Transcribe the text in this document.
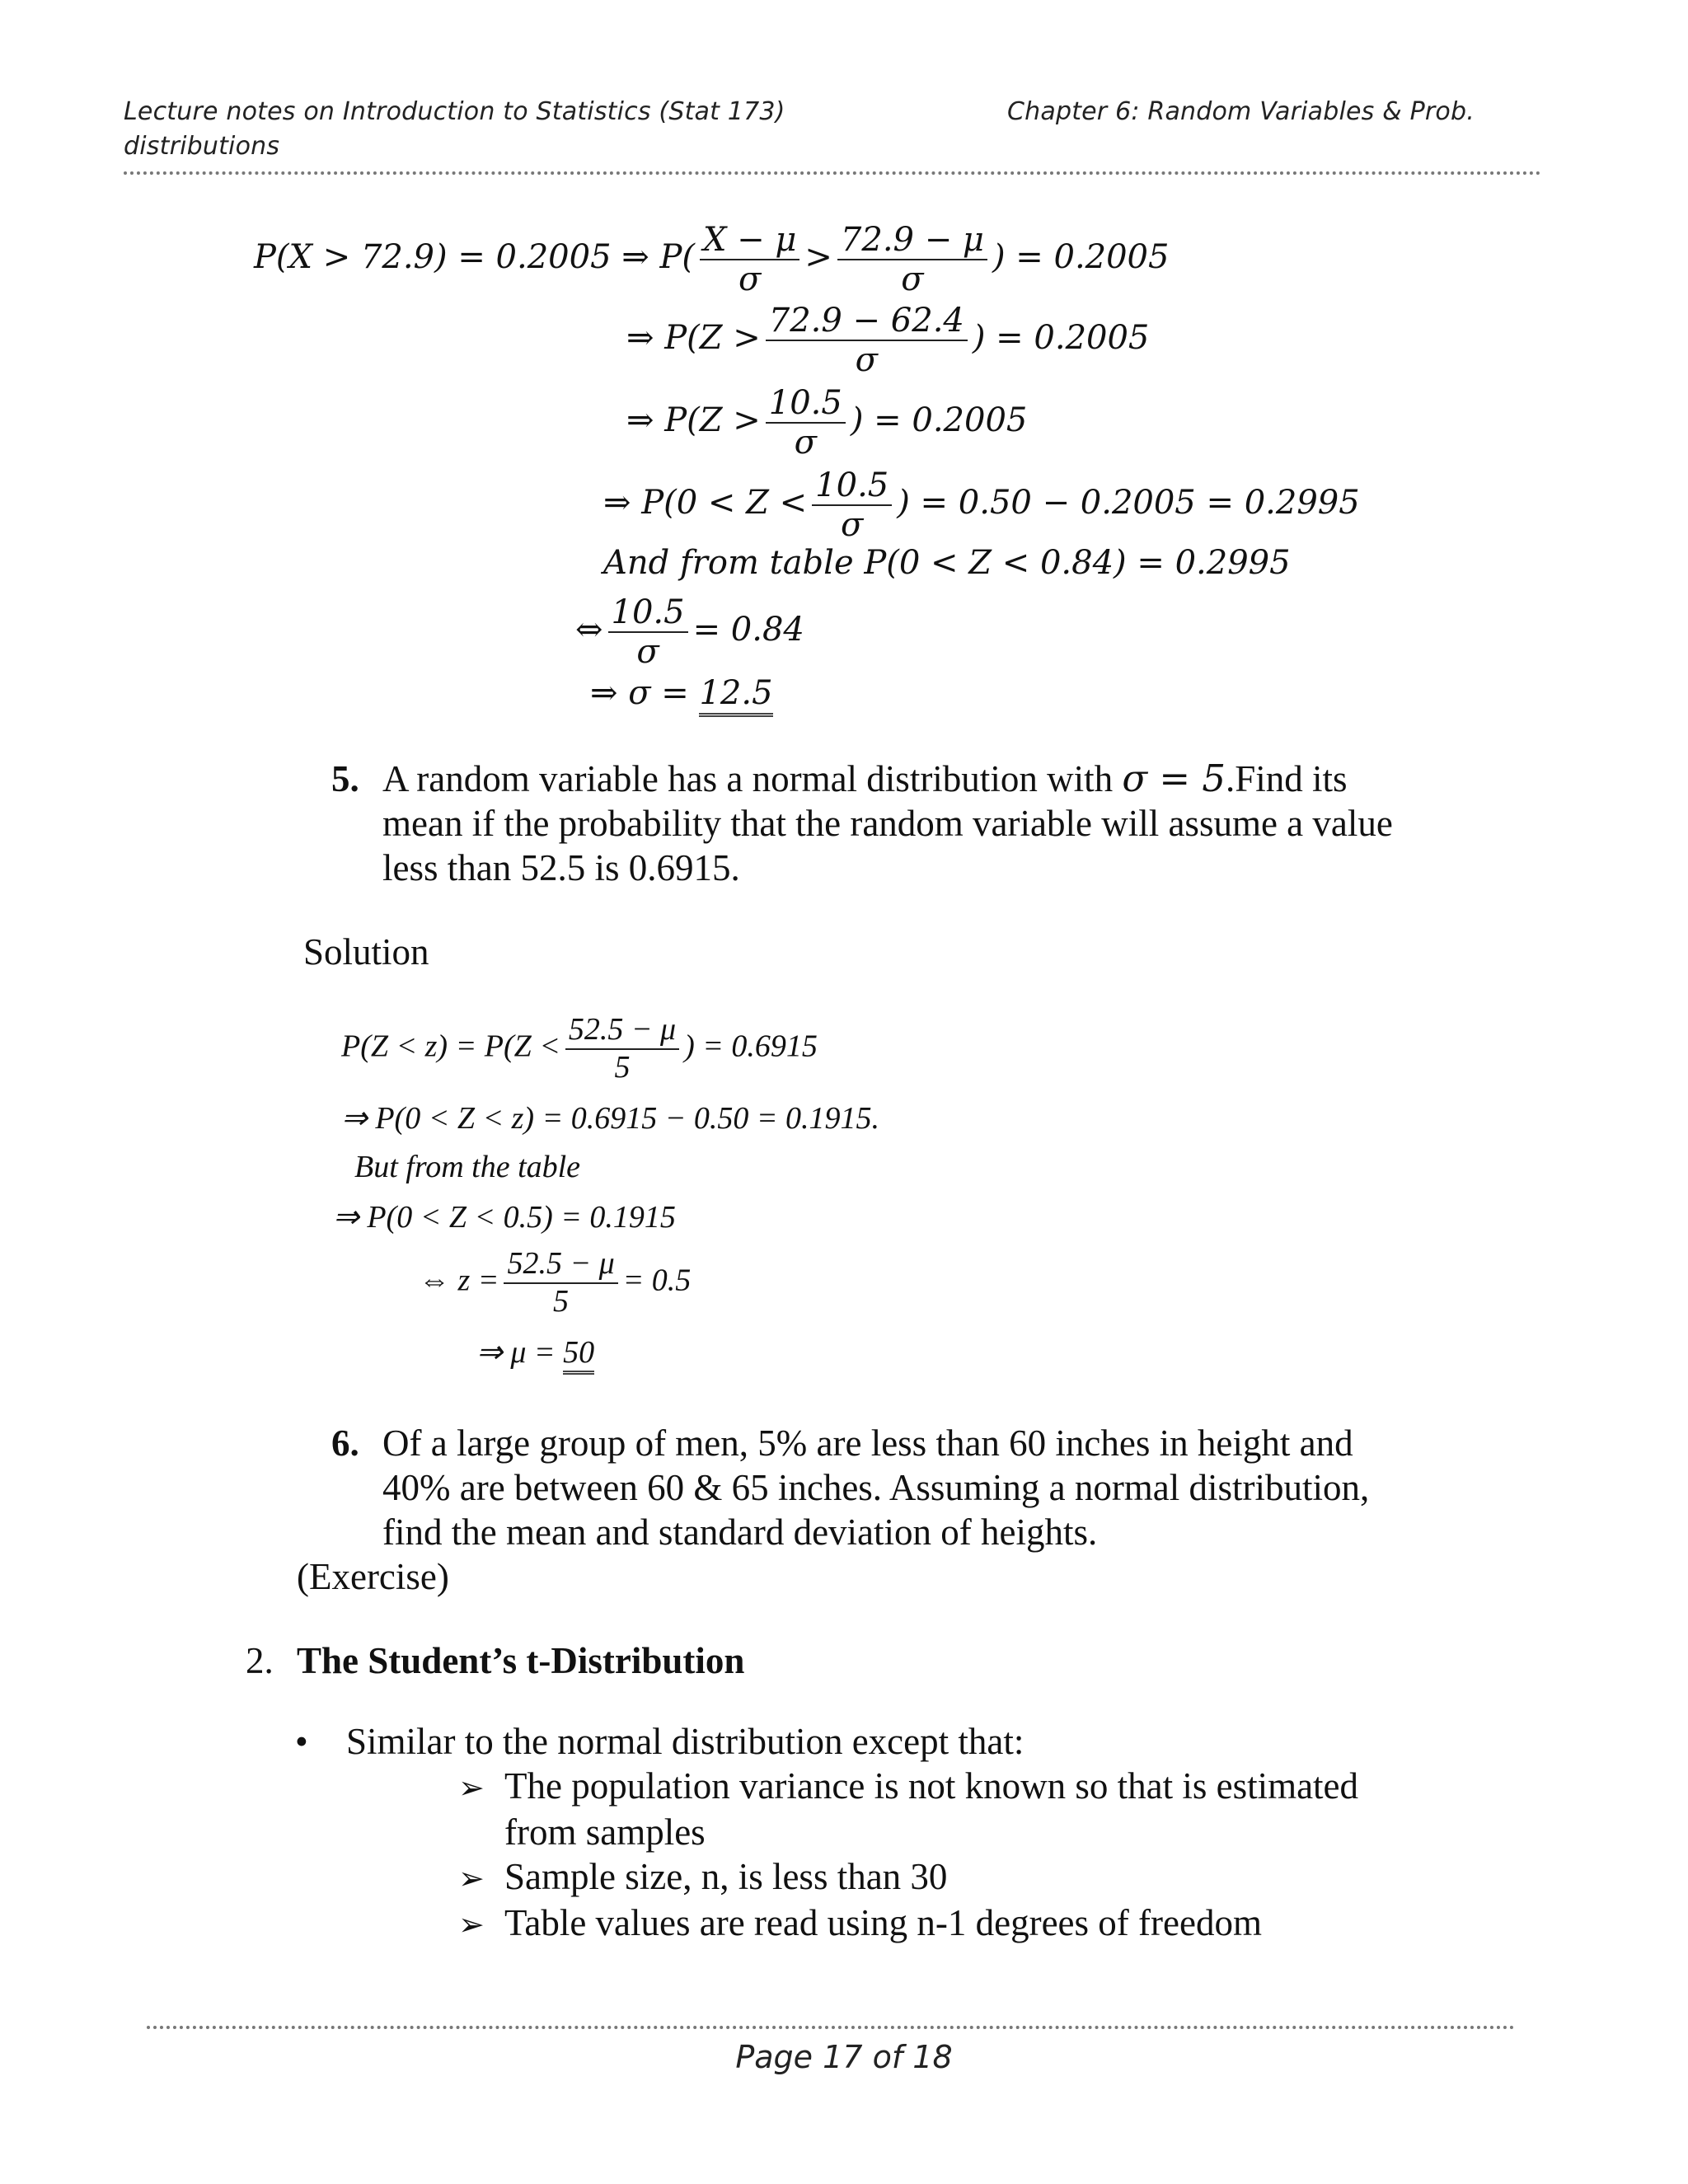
Lecture notes on Introduction to Statistics (Stat 173)
distributions
Chapter 6: Random Variables & Prob.
P(X > 72.9) = 0.2005 ⇒ $P( \frac{X - \mu}{\sigma} > \frac{72.9 - \mu}{\sigma}$ ) = 0.2005
⇒ $P(Z > \frac{72.9 - 62.4}{\sigma}$ ) = 0.2005
⇒ $P(Z > \frac{10.5}{\sigma}$ ) = 0.2005
⇒ $P(0 < Z < \frac{10.5}{\sigma}$ ) = 0.50 − 0.2005 = 0.2995
And from table P(0 < Z < 0.84) = 0.2995
⇔ $\frac{10.5}{\sigma} = 0.84$
⇒ σ = 12.5
5. A random variable has a normal distribution with σ = 5.Find its
mean if the probability that the random variable will assume a value
less than 52.5 is 0.6915.
Solution
$P(Z < z) = P(Z < \frac{52.5 - \mu}{5}$ ) = 0.6915
⇒ P(0 < Z < z) = 0.6915 − 0.50 = 0.1915.
But from the table
⇒ P(0 < Z < 0.5) = 0.1915
⇔ $z = \frac{52.5 - \mu}{5} = 0.5$
⇒ μ = 50
6. Of a large group of men, 5% are less than 60 inches in height and
40% are between 60 & 65 inches. Assuming a normal distribution,
find the mean and standard deviation of heights.
(Exercise)
2. The Student’s t-Distribution
• Similar to the normal distribution except that:
➢ The population variance is not known so that is estimated
from samples
➢ Sample size, n, is less than 30
➢ Table values are read using n-1 degrees of freedom
Page 17 of 18
